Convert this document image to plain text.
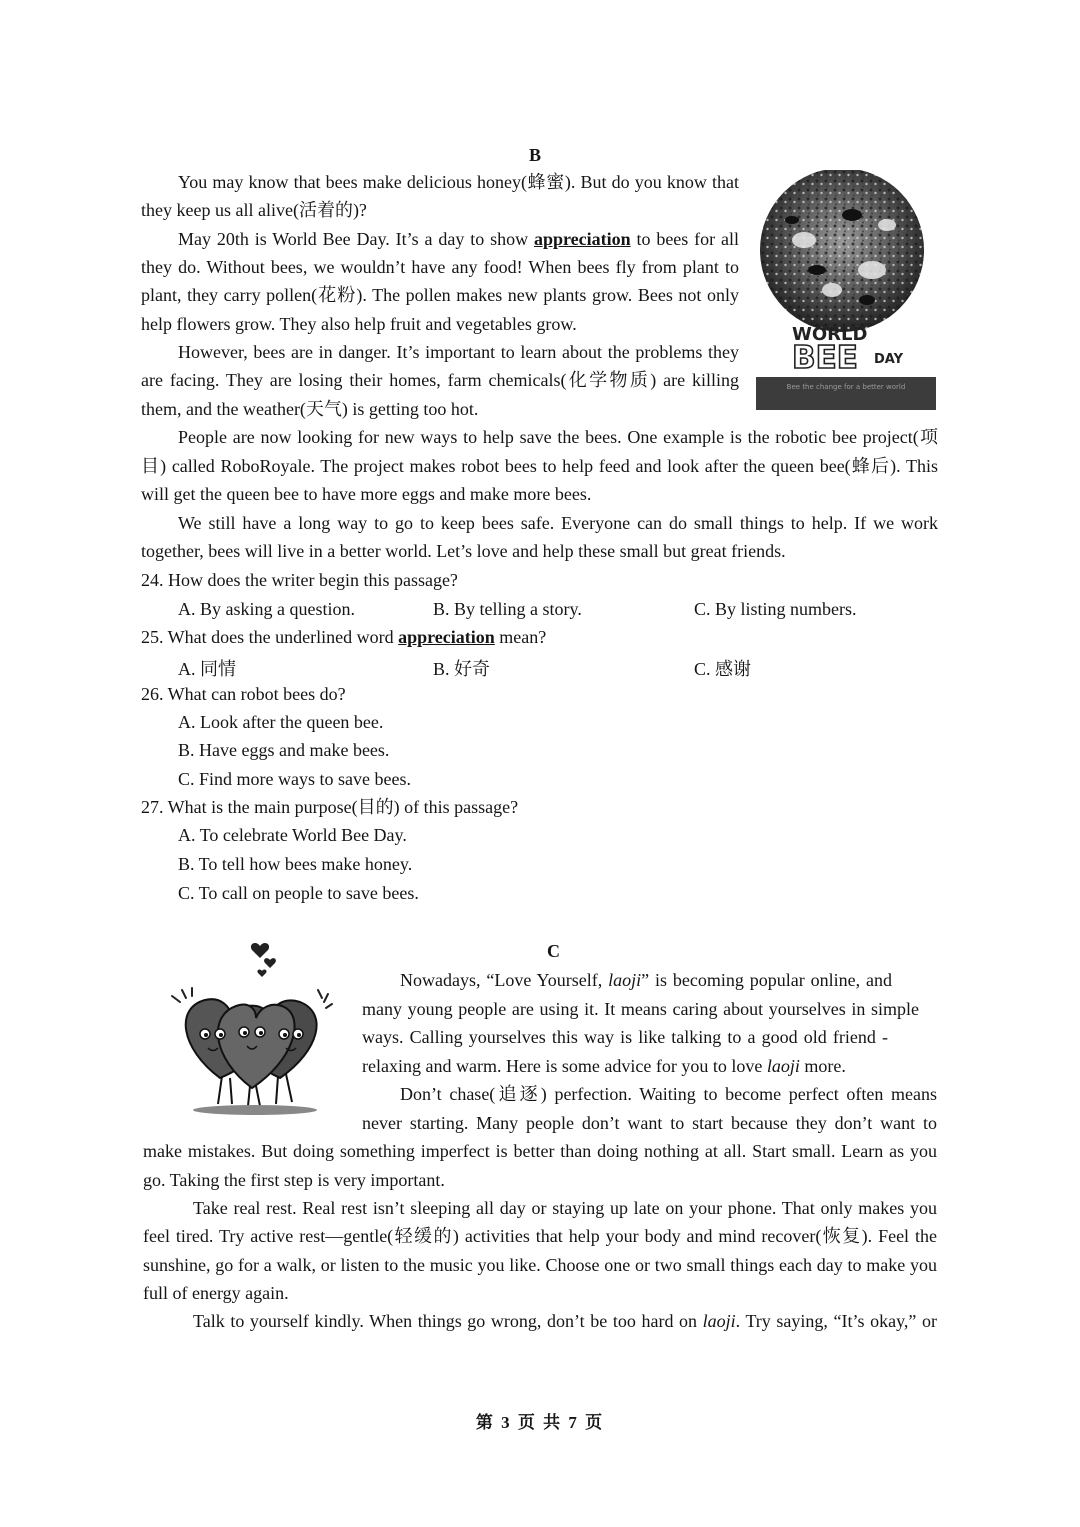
B
You may know that bees make delicious honey(蜂蜜). But do you know that
they keep us all alive(活着的)?
May 20th is World Bee Day. It’s a day to show appreciation to bees for all
they do. Without bees, we wouldn’t have any food! When bees fly from plant to
plant, they carry pollen(花粉). The pollen makes new plants grow. Bees not only
help flowers grow. They also help fruit and vegetables grow.
However, bees are in danger. It’s important to learn about the problems they
are facing. They are losing their homes, farm chemicals(化学物质) are killing
them, and the weather(天气) is getting too hot.
People are now looking for new ways to help save the bees. One example is the robotic bee project(项
目) called RoboRoyale. The project makes robot bees to help feed and look after the queen bee(蜂后). This
will get the queen bee to have more eggs and make more bees.
We still have a long way to go to keep bees safe. Everyone can do small things to help. If we work
together, bees will live in a better world. Let’s love and help these small but great friends.
WORLD
BEE DAY
Bee the change for a better world
24. How does the writer begin this passage?
A. By asking a question.	B. By telling a story.	C. By listing numbers.
25. What does the underlined word appreciation mean?
A. 同情	B. 好奇	C. 感谢
26. What can robot bees do?
A. Look after the queen bee.
B. Have eggs and make bees.
C. Find more ways to save bees.
27. What is the main purpose(目的) of this passage?
A. To celebrate World Bee Day.
B. To tell how bees make honey.
C. To call on people to save bees.
C
Nowadays, “Love Yourself, laoji” is becoming popular online, and
many young people are using it. It means caring about yourselves in simple
ways. Calling yourselves this way is like talking to a good old friend -
relaxing and warm. Here is some advice for you to love laoji more.
Don’t chase(追逐) perfection. Waiting to become perfect often means
never starting. Many people don’t want to start because they don’t want to
make mistakes. But doing something imperfect is better than doing nothing at all. Start small. Learn as you
go. Taking the first step is very important.
Take real rest. Real rest isn’t sleeping all day or staying up late on your phone. That only makes you
feel tired. Try active rest—gentle(轻缓的) activities that help your body and mind recover(恢复). Feel the
sunshine, go for a walk, or listen to the music you like. Choose one or two small things each day to make you
full of energy again.
Talk to yourself kindly. When things go wrong, don’t be too hard on laoji. Try saying, “It’s okay,” or
第 3 页 共 7 页
